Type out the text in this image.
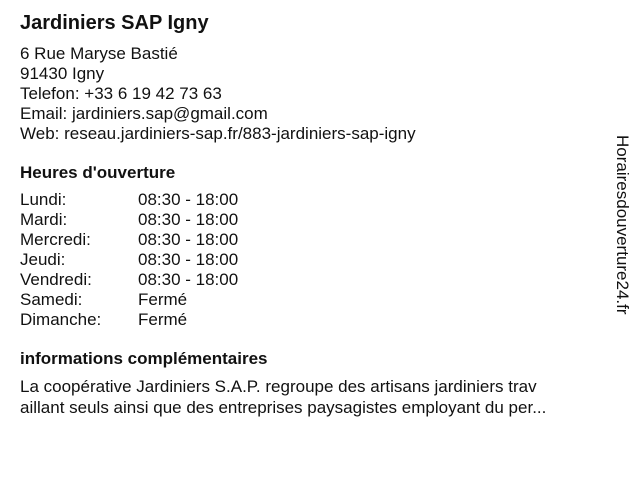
Jardiniers SAP Igny
6 Rue Maryse Bastié
91430 Igny
Telefon: +33 6 19 42 73 63
Email: jardiniers.sap@gmail.com
Web: reseau.jardiniers-sap.fr/883-jardiniers-sap-igny
Heures d'ouverture
Lundi:	08:30 - 18:00
Mardi:	08:30 - 18:00
Mercredi:	08:30 - 18:00
Jeudi:	08:30 - 18:00
Vendredi:	08:30 - 18:00
Samedi:	Fermé
Dimanche:	Fermé
informations complémentaires
La coopérative Jardiniers S.A.P. regroupe des artisans jardiniers trav
aillant seuls ainsi que des entreprises paysagistes employant du per...
Horairesdouverture24.fr
